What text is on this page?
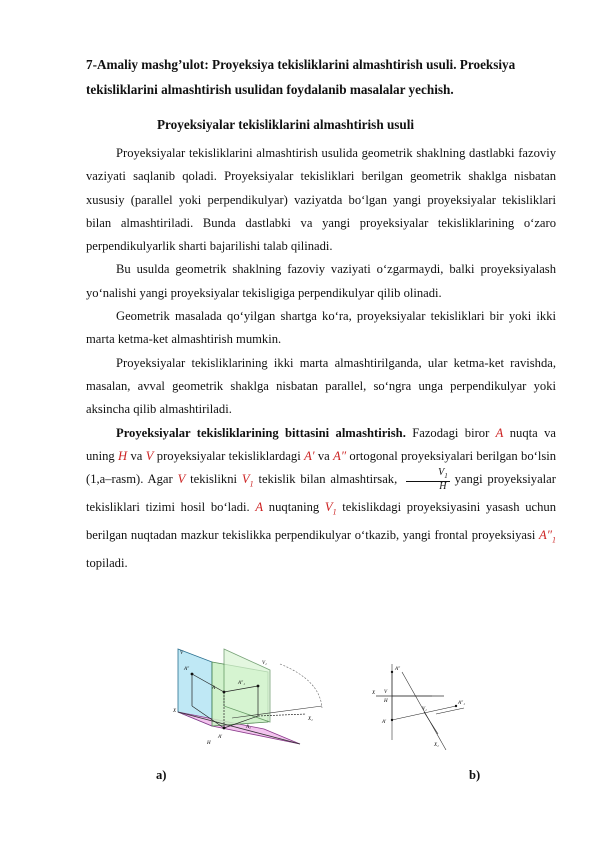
7-Amaliy mashg’ulot: Proyeksiya tekisliklarini almashtirish usuli. Proeksiya tekisliklarini almashtirish usulidan foydalanib masalalar yechish.
Proyeksiyalar tekisliklarini almashtirish usuli

Proyeksiyalar tekisliklarini almashtirish usulida geometrik shaklning dastlabki fazoviy vaziyati saqlanib qoladi. Proyeksiyalar tekisliklari berilgan geometrik shaklga nisbatan xususiy (parallel yoki perpendikulyar) vaziyatda bo‘lgan yangi proyeksiyalar tekisliklari bilan almashtiriladi. Bunda dastlabki va yangi proyeksiyalar tekisliklarining o‘zaro perpendikulyarlik sharti bajarilishi talab qilinadi.

Bu usulda geometrik shaklning fazoviy vaziyati o‘zgarmaydi, balki proyeksiyalash yo‘nalishi yangi proyeksiyalar tekisligiga perpendikulyar qilib olinadi.

Geometrik masalada qo‘yilgan shartga ko‘ra, proyeksiyalar tekisliklari bir yoki ikki marta ketma-ket almashtirish mumkin.

Proyeksiyalar tekisliklarining ikki marta almashtirilganda, ular ketma-ket ravishda, masalan, avval geometrik shaklga nisbatan parallel, so‘ngra unga perpendikulyar yoki aksincha qilib almashtiriladi.

Proyeksiyalar tekisliklarining bittasini almashtirish. Fazodagi biror A nuqta va uning H va V proyeksiyalar tekisliklardagi A′ va A″ ortogonal proyeksiyalari berilgan bo‘lsin (1,a–rasm). Agar V tekislikni $V_1$ tekislik bilan almashtirsak, $\frac{V_1}{H}$ yangi proyeksiyalar tekisliklari tizimi hosil bo‘ladi. A nuqtaning $V_1$ tekislikdagi proyeksiyasini yasash uchun berilgan nuqtadan mazkur tekislikka perpendikulyar o‘tkazib, yangi frontal proyeksiyasi $A''_1$ topiladi.

V
A″
A
A′
H
X
V₁
A″₁
A₁
X₁
A″
X V
H
A′
A″₁
V₁
X₁
a)	b)
